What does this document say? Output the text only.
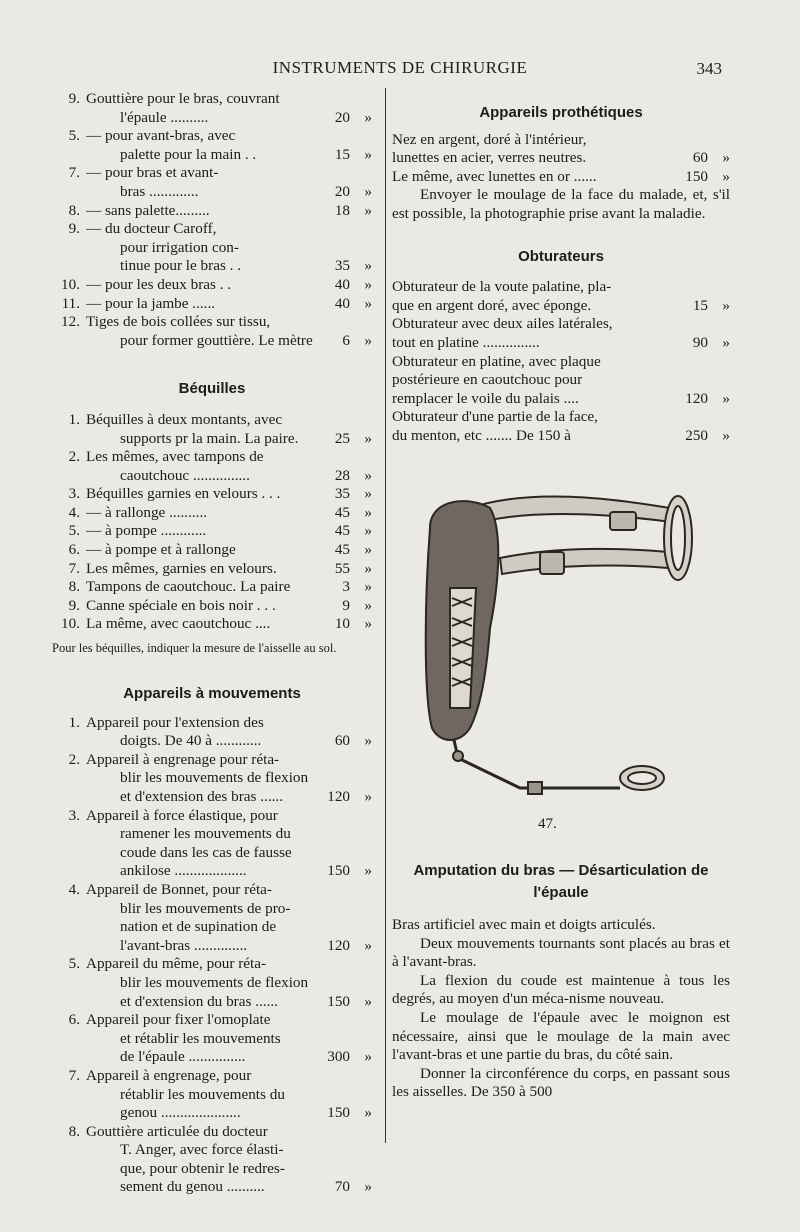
INSTRUMENTS DE CHIRURGIE	343
9. Gouttière pour le bras, couvrant
l'épaule ..........	20 »
5. — pour avant-bras, avec
palette pour la main . .	15 »
7. — pour bras et avant-
bras .............	20 »
8. — sans palette.........	18 »
9. — du docteur Caroff,
pour irrigation con-
tinue pour le bras . .	35 »
10. — pour les deux bras . .	40 »
11. — pour la jambe ......	40 »
12. Tiges de bois collées sur tissu,
pour former gouttière. Le mètre	6 »
Béquilles
1. Béquilles à deux montants, avec
supports pr la main. La paire.	25 »
2. Les mêmes, avec tampons de
caoutchouc ...............	28 »
3. Béquilles garnies en velours . . .	35 »
4. — à rallonge ..........	45 »
5. — à pompe ............	45 »
6. — à pompe et à rallonge	45 »
7. Les mêmes, garnies en velours.	55 »
8. Tampons de caoutchouc. La paire	3 »
9. Canne spéciale en bois noir . . .	9 »
10. La même, avec caoutchouc ....	10 »
Pour les béquilles, indiquer la mesure de l'aisselle au sol.
Appareils à mouvements
1. Appareil pour l'extension des
doigts. De 40 à ............	60 »
2. Appareil à engrenage pour réta-
blir les mouvements de flexion
et d'extension des bras ......	120 »
3. Appareil à force élastique, pour
ramener les mouvements du
coude dans les cas de fausse
ankilose ...................	150 »
4. Appareil de Bonnet, pour réta-
blir les mouvements de pro-
nation et de supination de
l'avant-bras ..............	120 »
5. Appareil du même, pour réta-
blir les mouvements de flexion
et d'extension du bras ......	150 »
6. Appareil pour fixer l'omoplate
et rétablir les mouvements
de l'épaule ...............	300 »
7. Appareil à engrenage, pour
rétablir les mouvements du
genou .....................	150 »
8. Gouttière articulée du docteur
T. Anger, avec force élasti-
que, pour obtenir le redres-
sement du genou ..........	70 »
Appareils prothétiques
Nez en argent, doré à l'intérieur,
lunettes en acier, verres neutres.	60 »
Le même, avec lunettes en or ......	150 »
Envoyer le moulage de la face du malade, et, s'il est possible, la photographie prise avant la maladie.
Obturateurs
Obturateur de la voute palatine, pla-
que en argent doré, avec éponge.	15 »
Obturateur avec deux ailes latérales,
tout en platine ...............	90 »
Obturateur en platine, avec plaque
postérieure en caoutchouc pour
remplacer le voile du palais ....	120 »
Obturateur d'une partie de la face,
du menton, etc ....... De 150 à	250 »
47.
Amputation du bras — Désarticulation de l'épaule
Bras artificiel avec main et doigts articulés.
Deux mouvements tournants sont placés au bras et à l'avant-bras.
La flexion du coude est maintenue à tous les degrés, au moyen d'un méca-nisme nouveau.
Le moulage de l'épaule avec le moignon est nécessaire, ainsi que le moulage de la main avec l'avant-bras et une partie du bras, du côté sain.
Donner la circonférence du corps, en passant sous les aisselles. De 350 à 500
